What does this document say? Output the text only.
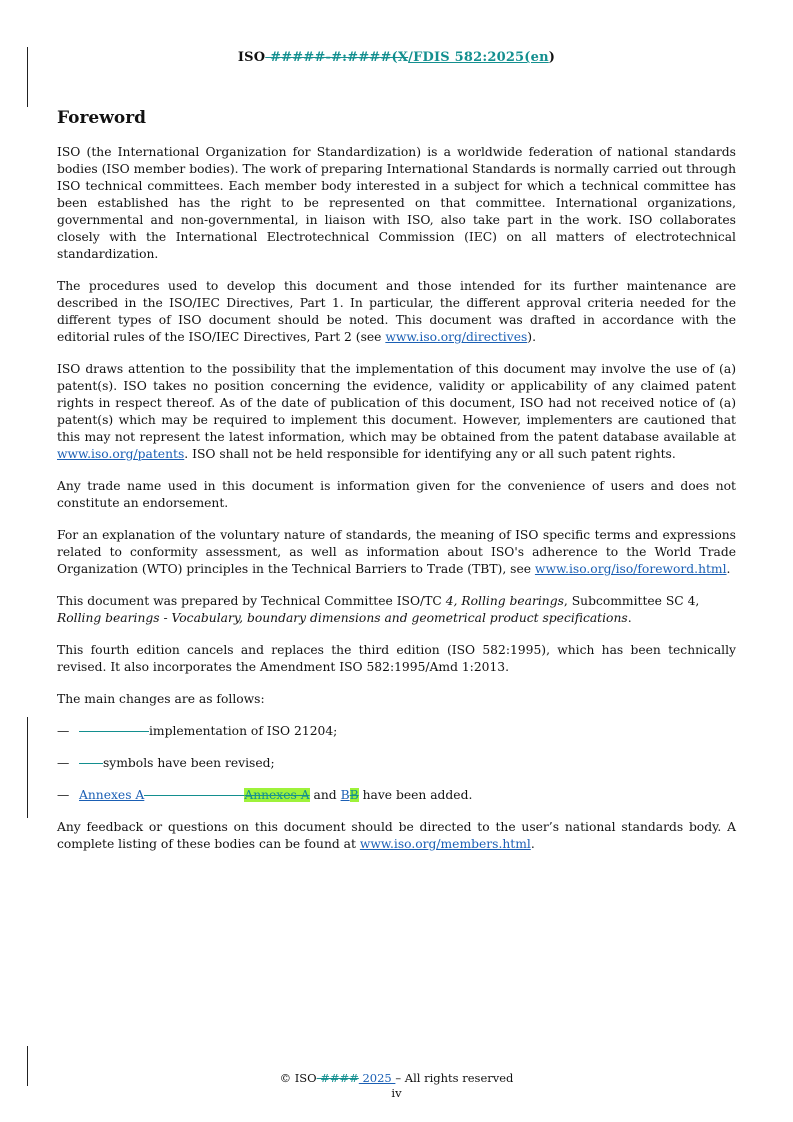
ISO #####-#:####(X/FDIS 582:2025(en)
Foreword

ISO (the International Organization for Standardization) is a worldwide federation of national standards bodies (ISO member bodies). The work of preparing International Standards is normally carried out through ISO technical committees. Each member body interested in a subject for which a technical committee has been established has the right to be represented on that committee. International organizations, governmental and non-governmental, in liaison with ISO, also take part in the work. ISO collaborates closely with the International Electrotechnical Commission (IEC) on all matters of electrotechnical standardization.

The procedures used to develop this document and those intended for its further maintenance are described in the ISO/IEC Directives, Part 1. In particular, the different approval criteria needed for the different types of ISO document should be noted. This document was drafted in accordance with the editorial rules of the ISO/IEC Directives, Part 2 (see www.iso.org/directives).

ISO draws attention to the possibility that the implementation of this document may involve the use of (a) patent(s). ISO takes no position concerning the evidence, validity or applicability of any claimed patent rights in respect thereof. As of the date of publication of this document, ISO had not received notice of (a) patent(s) which may be required to implement this document. However, implementers are cautioned that this may not represent the latest information, which may be obtained from the patent database available at www.iso.org/patents. ISO shall not be held responsible for identifying any or all such patent rights.

Any trade name used in this document is information given for the convenience of users and does not constitute an endorsement.

For an explanation of the voluntary nature of standards, the meaning of ISO specific terms and expressions related to conformity assessment, as well as information about ISO's adherence to the World Trade Organization (WTO) principles in the Technical Barriers to Trade (TBT), see www.iso.org/iso/foreword.html.

This document was prepared by Technical Committee ISO/TC 4, Rolling bearings, Subcommittee SC 4, Rolling bearings - Vocabulary, boundary dimensions and geometrical product specifications.

This fourth edition cancels and replaces the third edition (ISO 582:1995), which has been technically revised. It also incorporates the Amendment ISO 582:1995/Amd 1:2013.

The main changes are as follows:

—	implementation of ISO 21204;
—	symbols have been revised;
— Annexes A	Annexes A and BB have been added.

Any feedback or questions on this document should be directed to the user’s national standards body. A complete listing of these bodies can be found at www.iso.org/members.html.

© ISO #### 2025 – All rights reserved
iv
